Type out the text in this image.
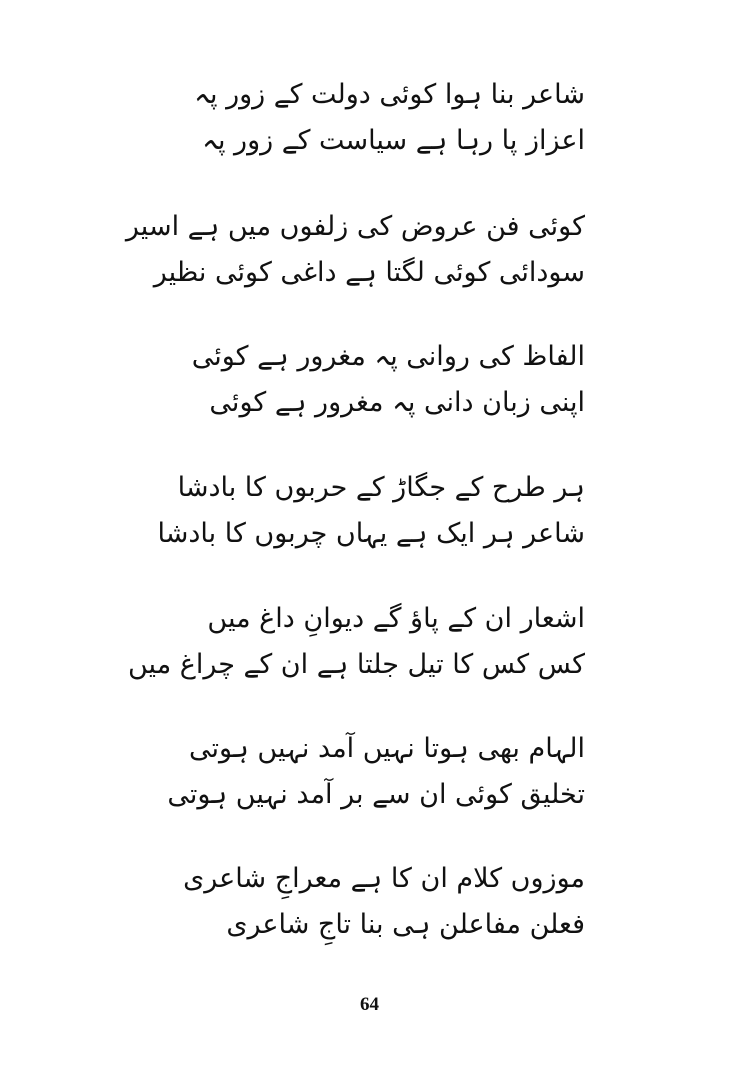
شاعر بنا ہوا کوئی دولت کے زور پہ
اعزاز پا رہا ہے سیاست کے زور پہ
کوئی فن عروض کی زلفوں میں ہے اسیر
سودائی کوئی لگتا ہے داغی کوئی نظیر
الفاظ کی روانی پہ مغرور ہے کوئی
اپنی زبان دانی پہ مغرور ہے کوئی
ہر طرح کے جگاڑ کے حربوں کا بادشا
شاعر ہر ایک ہے یہاں چربوں کا بادشا
اشعار ان کے پاؤ گے دیوانِ داغ میں
کس کس کا تیل جلتا ہے ان کے چراغ میں
الہام بھی ہوتا نہیں آمد نہیں ہوتی
تخلیق کوئی ان سے بر آمد نہیں ہوتی
موزوں کلام ان کا ہے معراجِ شاعری
فعلن مفاعلن ہی بنا تاجِ شاعری
64
